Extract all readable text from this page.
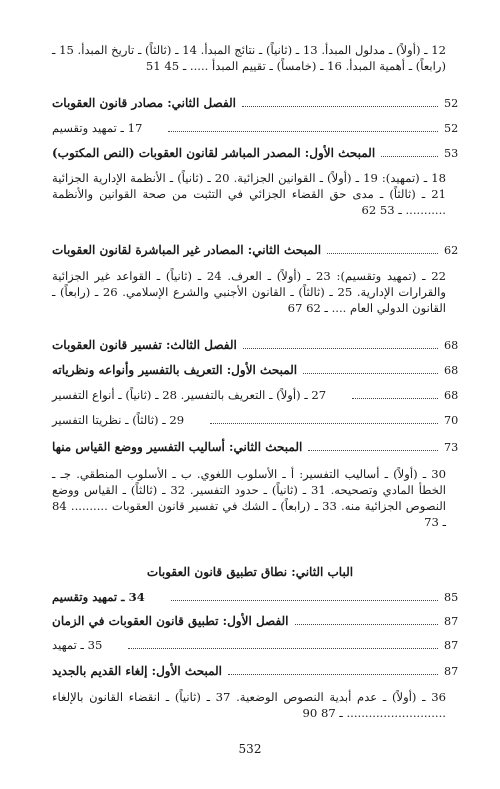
12 ـ (أولاً) ـ مدلول المبدأ. 13 ـ (ثانياً) ـ نتائج المبدأ. 14 ـ (ثالثاً) ـ تاريخ المبدأ. 15 ـ (رابعاً) ـ أهمية المبدأ. 16 ـ (خامساً) ـ تقييم المبدأ ..... 51 ـ 45
الفصل الثاني: مصادر قانون العقوبات	52
17 ـ تمهيد وتقسيم	52
المبحث الأول: المصدر المباشر لقانون العقوبات (النص المكتوب)	53
18 ـ (تمهيد): 19 ـ (أولاً) ـ القوانين الجزائية. 20 ـ (ثانياً) ـ الأنظمة الإدارية الجزائية 21 ـ (ثالثاً) ـ مدى حق القضاء الجزائي في التثبت من صحة القوانين والأنظمة ........... 62 ـ 53
المبحث الثاني: المصادر غير المباشرة لقانون العقوبات	62
22 ـ (تمهيد وتقسيم): 23 ـ (أولاً) ـ العرف. 24 ـ (ثانياً) ـ القواعد غير الجزائية والقرارات الإدارية. 25 ـ (ثالثاً) ـ القانون الأجنبي والشرع الإسلامي. 26 ـ (رابعاً) ـ القانون الدولي العام .... 67 ـ 62
الفصل الثالث: تفسير قانون العقوبات	68
المبحث الأول: التعريف بالتفسير وأنواعه ونظرياته	68
27 ـ (أولاً) ـ التعريف بالتفسير. 28 ـ (ثانياً) ـ أنواع التفسير	68
29 ـ (ثالثاً) ـ نظريتا التفسير	70
المبحث الثاني: أساليب التفسير ووضع القياس منها	73
30 ـ (أولاً) ـ أساليب التفسير: أ ـ الأسلوب اللغوي. ب ـ الأسلوب المنطقي. جـ ـ الخطأ المادي وتصحيحه. 31 ـ (ثانياً) ـ حدود التفسير. 32 ـ (ثالثاً) ـ القياس ووضع النصوص الجزائية منه. 33 ـ (رابعاً) ـ الشك في تفسير قانون العقوبات .......... 84 ـ 73
الباب الثاني: نطاق تطبيق قانون العقوبات
34 ـ تمهيد وتقسيم	85
الفصل الأول: تطبيق قانون العقوبات في الزمان	87
35 ـ تمهيد	87
المبحث الأول: إلغاء القديم بالجديد	87
36 ـ (أولاً) ـ عدم أبدية النصوص الوضعية. 37 ـ (ثانياً) ـ انقضاء القانون بالإلغاء ........................... 90 ـ 87
532
